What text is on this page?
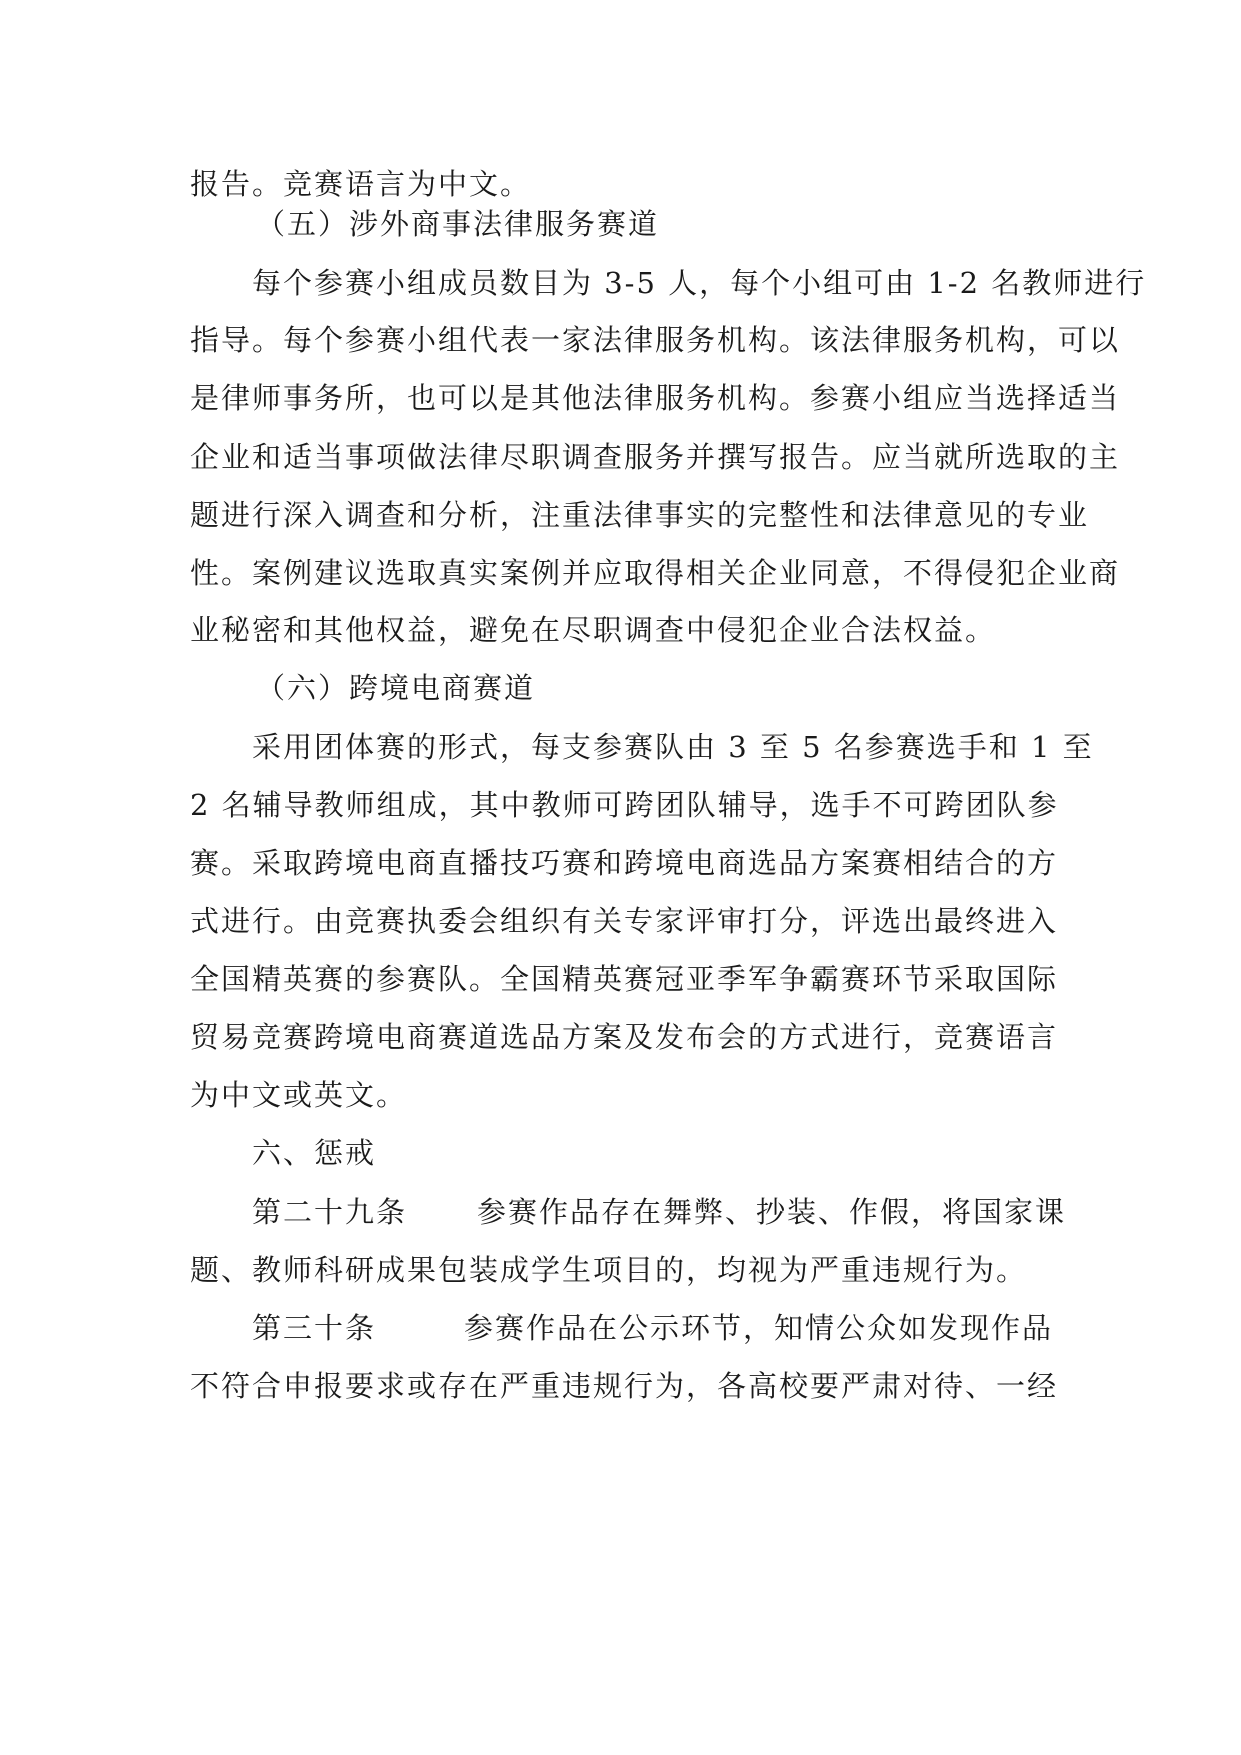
报告。竞赛语言为中文。
（五）涉外商事法律服务赛道
每个参赛小组成员数目为 3-5 人，每个小组可由 1-2 名教师进行
指导。每个参赛小组代表一家法律服务机构。该法律服务机构，可以
是律师事务所，也可以是其他法律服务机构。参赛小组应当选择适当
企业和适当事项做法律尽职调查服务并撰写报告。应当就所选取的主
题进行深入调查和分析，注重法律事实的完整性和法律意见的专业
性。案例建议选取真实案例并应取得相关企业同意，不得侵犯企业商
业秘密和其他权益，避免在尽职调查中侵犯企业合法权益。
（六）跨境电商赛道
采用团体赛的形式，每支参赛队由 3 至 5 名参赛选手和 1 至
2 名辅导教师组成，其中教师可跨团队辅导，选手不可跨团队参
赛。采取跨境电商直播技巧赛和跨境电商选品方案赛相结合的方
式进行。由竞赛执委会组织有关专家评审打分，评选出最终进入
全国精英赛的参赛队。全国精英赛冠亚季军争霸赛环节采取国际
贸易竞赛跨境电商赛道选品方案及发布会的方式进行，竞赛语言
为中文或英文。
六、惩戒
第二十九条 参赛作品存在舞弊、抄装、作假，将国家课
题、教师科研成果包装成学生项目的，均视为严重违规行为。
第三十条	参赛作品在公示环节，知情公众如发现作品
不符合申报要求或存在严重违规行为，各高校要严肃对待、一经
